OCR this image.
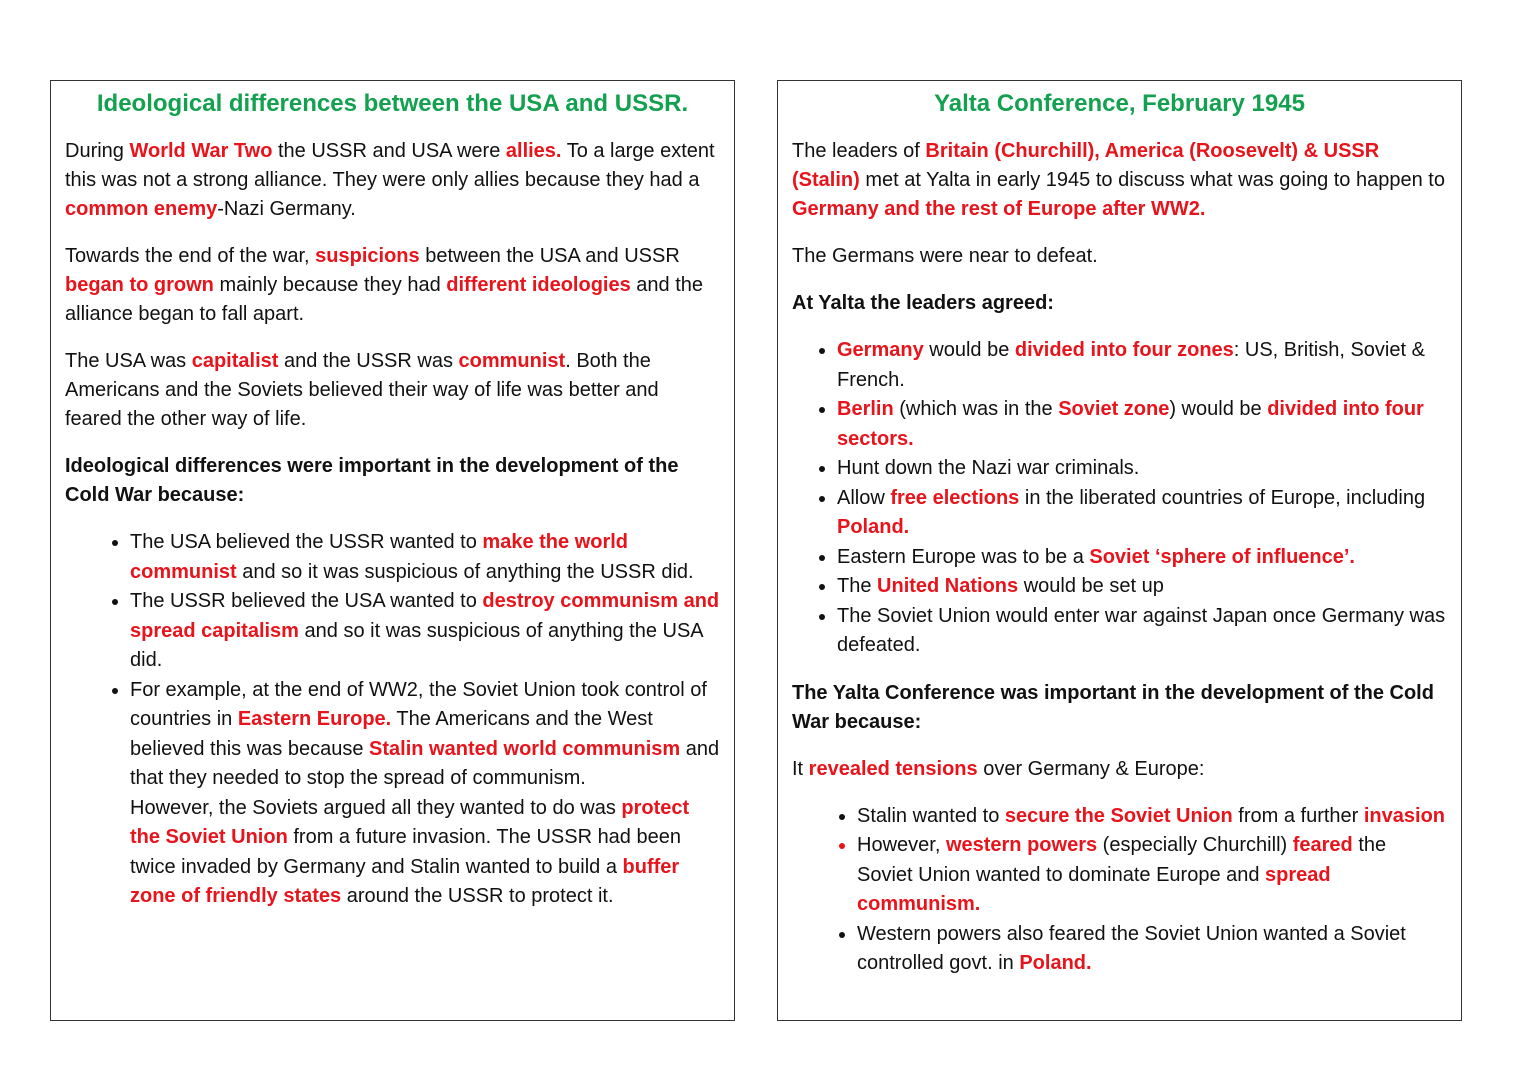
Ideological differences between the USA and USSR.

During World War Two the USSR and USA were allies. To a large extent this was not a strong alliance. They were only allies because they had a common enemy-Nazi Germany.

Towards the end of the war, suspicions between the USA and USSR began to grown mainly because they had different ideologies and the alliance began to fall apart.

The USA was capitalist and the USSR was communist. Both the Americans and the Soviets believed their way of life was better and feared the other way of life.

Ideological differences were important in the development of the Cold War because:

• The USA believed the USSR wanted to make the world communist and so it was suspicious of anything the USSR did.
• The USSR believed the USA wanted to destroy communism and spread capitalism and so it was suspicious of anything the USA did.
• For example, at the end of WW2, the Soviet Union took control of countries in Eastern Europe. The Americans and the West believed this was because Stalin wanted world communism and that they needed to stop the spread of communism.
However, the Soviets argued all they wanted to do was protect the Soviet Union from a future invasion. The USSR had been twice invaded by Germany and Stalin wanted to build a buffer zone of friendly states around the USSR to protect it.
Yalta Conference, February 1945

The leaders of Britain (Churchill), America (Roosevelt) & USSR (Stalin) met at Yalta in early 1945 to discuss what was going to happen to Germany and the rest of Europe after WW2.

The Germans were near to defeat.

At Yalta the leaders agreed:

• Germany would be divided into four zones: US, British, Soviet & French.
• Berlin (which was in the Soviet zone) would be divided into four sectors.
• Hunt down the Nazi war criminals.
• Allow free elections in the liberated countries of Europe, including Poland.
• Eastern Europe was to be a Soviet ‘sphere of influence’.
• The United Nations would be set up
• The Soviet Union would enter war against Japan once Germany was defeated.

The Yalta Conference was important in the development of the Cold War because:

It revealed tensions over Germany & Europe:

• Stalin wanted to secure the Soviet Union from a further invasion
• However, western powers (especially Churchill) feared the Soviet Union wanted to dominate Europe and spread communism.
• Western powers also feared the Soviet Union wanted a Soviet controlled govt. in Poland.
